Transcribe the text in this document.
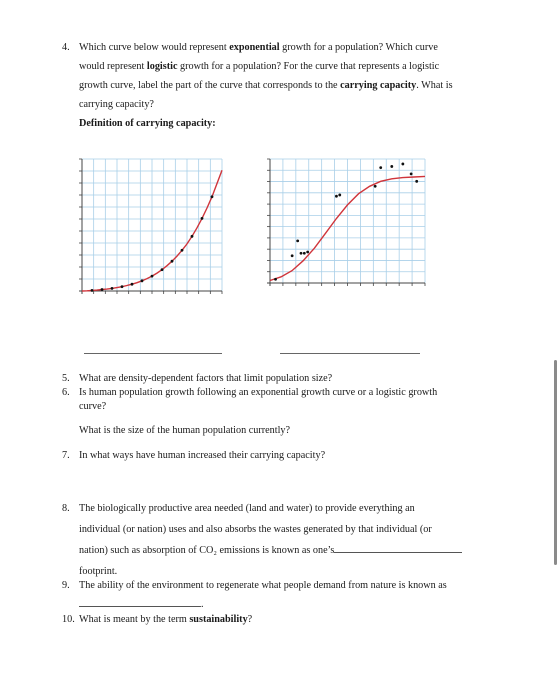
4. Which curve below would represent exponential growth for a population? Which curve
would represent logistic growth for a population? For the curve that represents a logistic
growth curve, label the part of the curve that corresponds to the carrying capacity. What is
carrying capacity?
Definition of carrying capacity:
5. What are density-dependent factors that limit population size?
6. Is human population growth following an exponential growth curve or a logistic growth
curve?
What is the size of the human population currently?
7. In what ways have human increased their carrying capacity?
8. The biologically productive area needed (land and water) to provide everything an
individual (or nation) uses and also absorbs the wastes generated by that individual (or
nation) such as absorption of CO₂ emissions is known as one’s
footprint.
9. The ability of the environment to regenerate what people demand from nature is known as
.
10. What is meant by the term sustainability?
